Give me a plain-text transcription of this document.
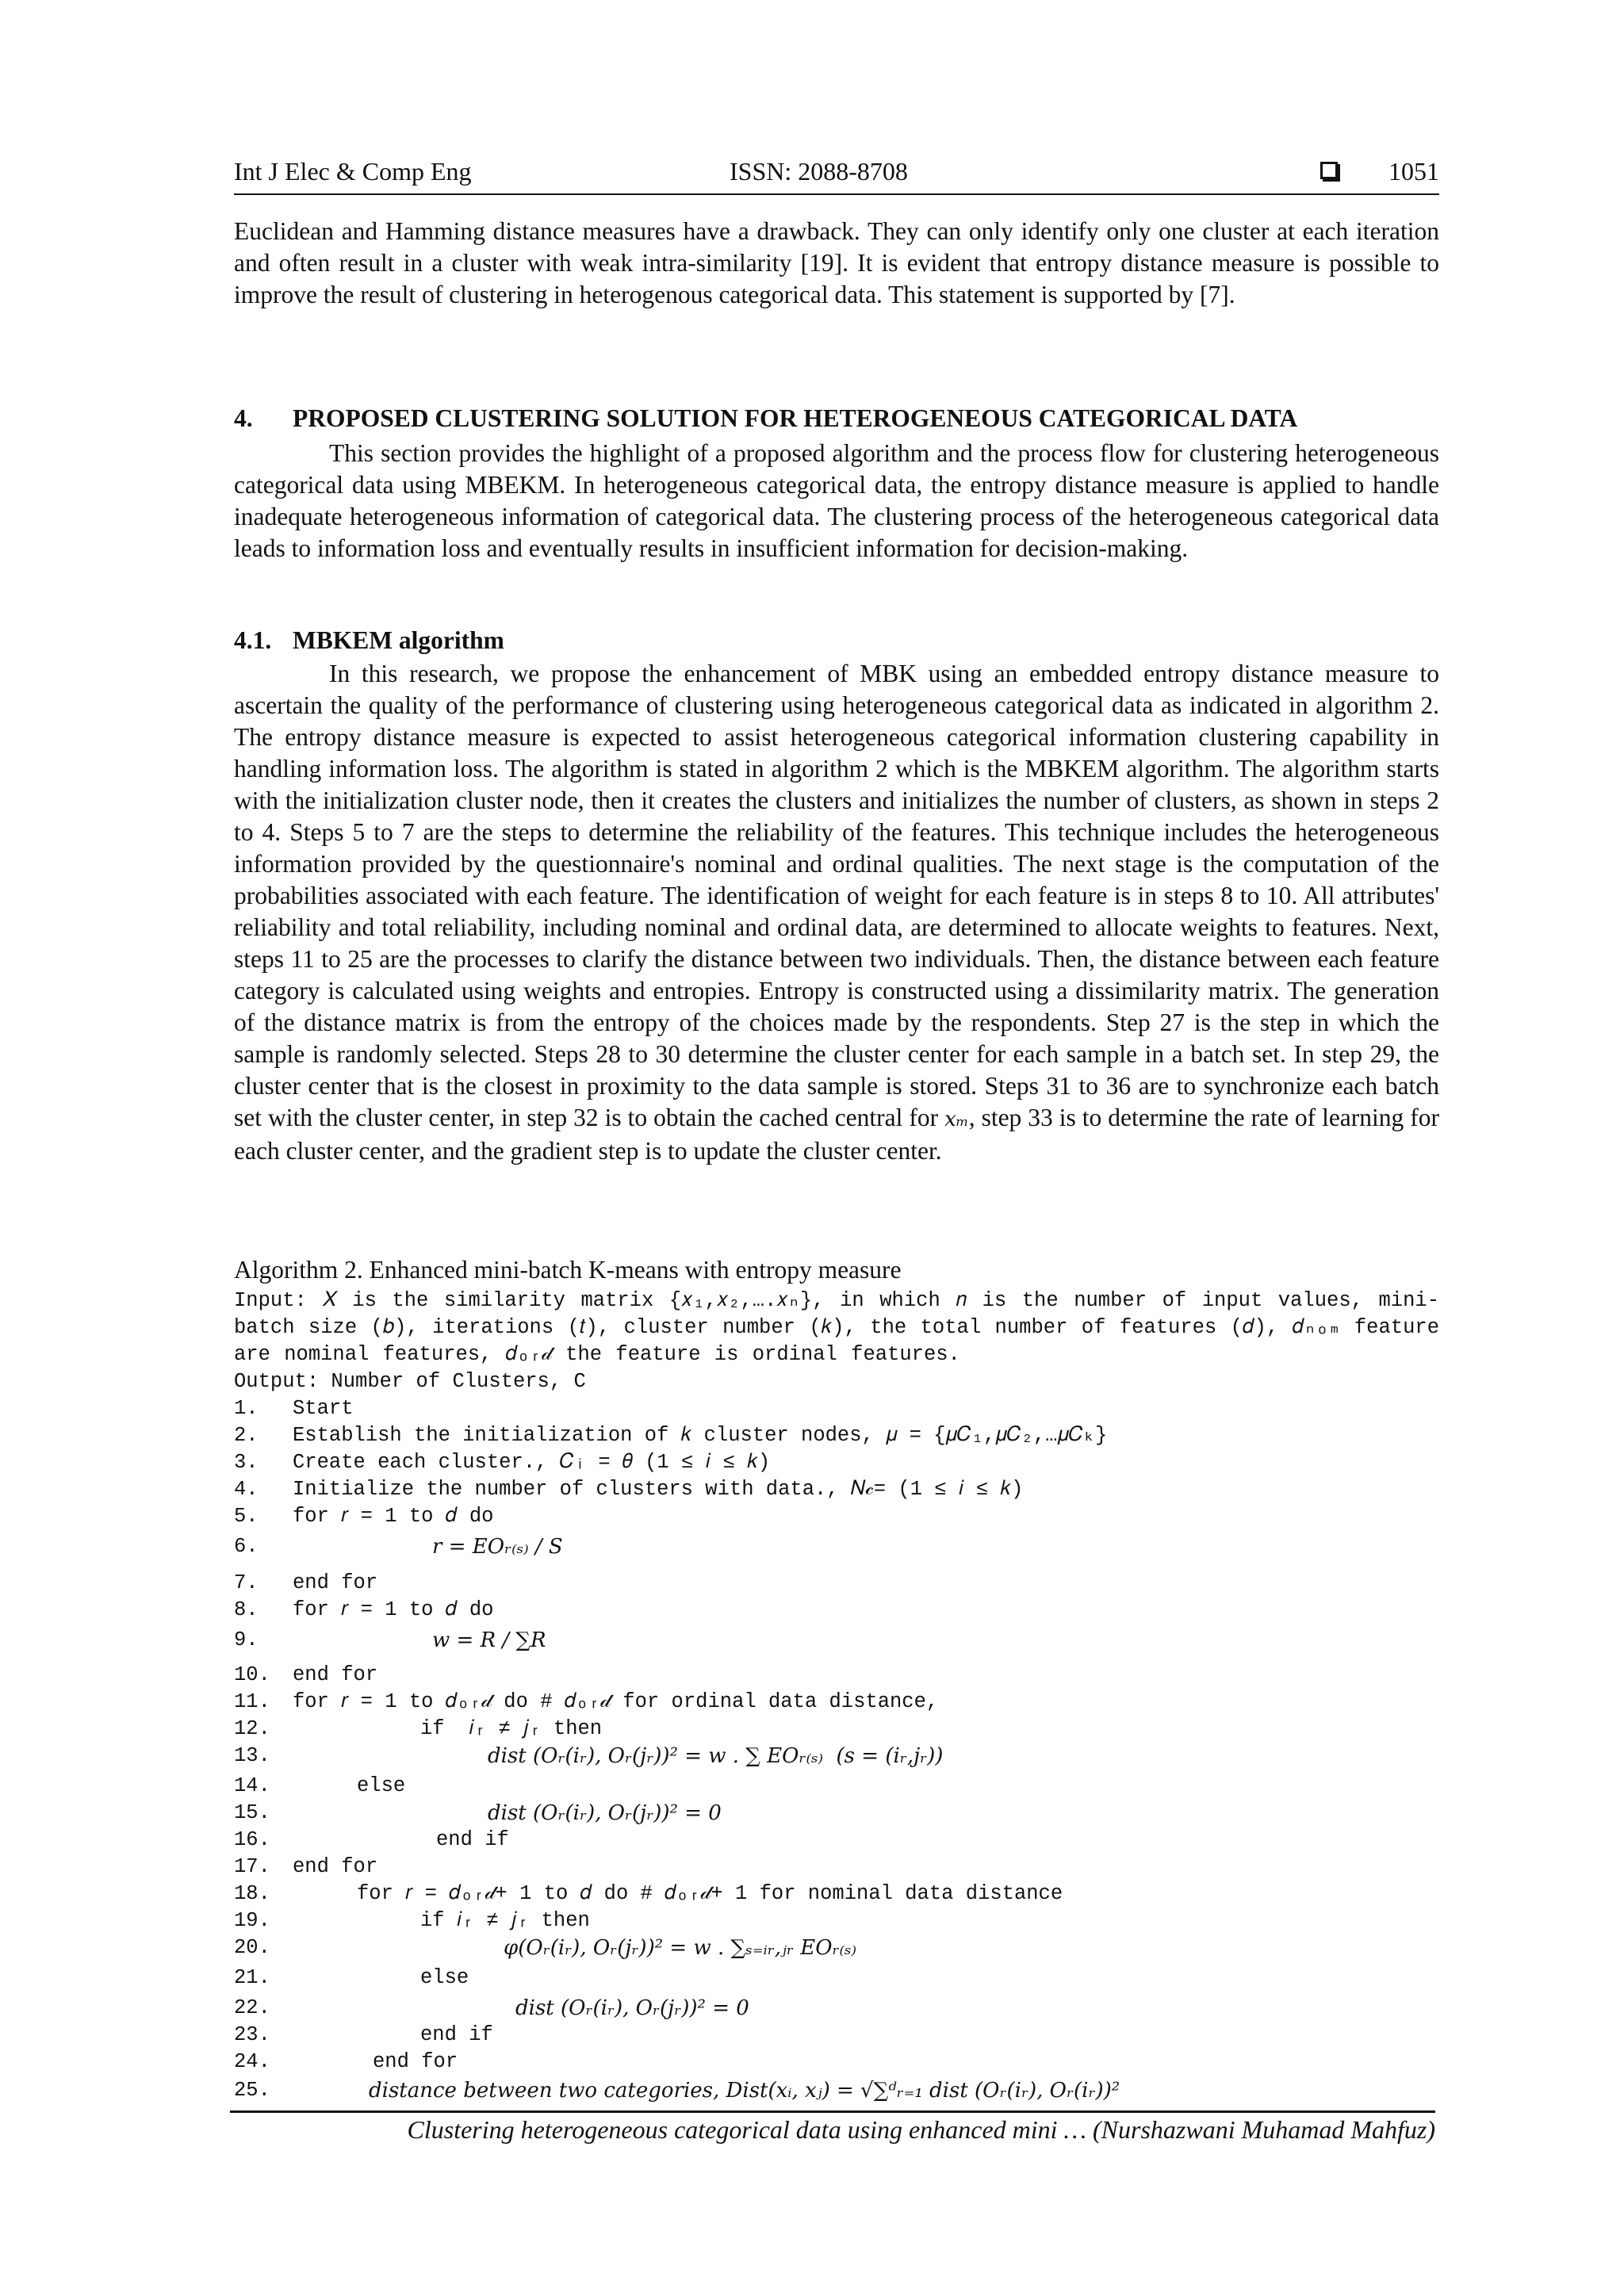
Int J Elec & Comp Eng	ISSN: 2088-8708	1051
Euclidean and Hamming distance measures have a drawback. They can only identify only one cluster at each iteration and often result in a cluster with weak intra-similarity [19]. It is evident that entropy distance measure is possible to improve the result of clustering in heterogenous categorical data. This statement is supported by [7].
4. PROPOSED CLUSTERING SOLUTION FOR HETEROGENEOUS CATEGORICAL DATA
This section provides the highlight of a proposed algorithm and the process flow for clustering heterogeneous categorical data using MBEKM. In heterogeneous categorical data, the entropy distance measure is applied to handle inadequate heterogeneous information of categorical data. The clustering process of the heterogeneous categorical data leads to information loss and eventually results in insufficient information for decision-making.
4.1. MBKEM algorithm
In this research, we propose the enhancement of MBK using an embedded entropy distance measure to ascertain the quality of the performance of clustering using heterogeneous categorical data as indicated in algorithm 2. The entropy distance measure is expected to assist heterogeneous categorical information clustering capability in handling information loss. The algorithm is stated in algorithm 2 which is the MBKEM algorithm. The algorithm starts with the initialization cluster node, then it creates the clusters and initializes the number of clusters, as shown in steps 2 to 4. Steps 5 to 7 are the steps to determine the reliability of the features. This technique includes the heterogeneous information provided by the questionnaire's nominal and ordinal qualities. The next stage is the computation of the probabilities associated with each feature. The identification of weight for each feature is in steps 8 to 10. All attributes' reliability and total reliability, including nominal and ordinal data, are determined to allocate weights to features. Next, steps 11 to 25 are the processes to clarify the distance between two individuals. Then, the distance between each feature category is calculated using weights and entropies. Entropy is constructed using a dissimilarity matrix. The generation of the distance matrix is from the entropy of the choices made by the respondents. Step 27 is the step in which the sample is randomly selected. Steps 28 to 30 determine the cluster center for each sample in a batch set. In step 29, the cluster center that is the closest in proximity to the data sample is stored. Steps 31 to 36 are to synchronize each batch set with the cluster center, in step 32 is to obtain the cached central for xₘ, step 33 is to determine the rate of learning for each cluster center, and the gradient step is to update the cluster center.
Algorithm 2. Enhanced mini-batch K-means with entropy measure
Input: 𝑋 is the similarity matrix {𝑥₁,𝑥₂,….𝑥ₙ}, in which 𝑛 is the number of input values, mini-batch size (𝑏), iterations (𝑡), cluster number (𝑘), the total number of features (𝑑), 𝑑ₙₒₘ feature are nominal features, 𝑑ₒᵣ𝒹 the feature is ordinal features.
Output: Number of Clusters, C
1. Start
2. Establish the initialization of 𝑘 cluster nodes, 𝜇 = {𝜇𝐶₁,𝜇𝐶₂,…𝜇𝐶ₖ}
3. Create each cluster., 𝐶ᵢ = 𝜃 (1 ≤ 𝑖 ≤ 𝑘)
4. Initialize the number of clusters with data., 𝑁𝒸= (1 ≤ 𝑖 ≤ 𝑘)
5. for 𝑟 = 1 to 𝑑 do
6.	𝑟 = 𝐸𝑂ᵣ₍ₛ₎ / 𝑆
7. end for
8. for 𝑟 = 1 to 𝑑 do
9.	𝑤 = 𝑅 / ∑𝑅
10. end for
11. for 𝑟 = 1 to 𝑑ₒᵣ𝒹 do # 𝑑ₒᵣ𝒹 for ordinal data distance,
12.	if  𝑖ᵣ ≠ 𝑗ᵣ then
13.	𝑑𝑖𝑠𝑡 (𝑂ᵣ(𝑖ᵣ), 𝑂ᵣ(𝑗ᵣ))² = 𝑤 . ∑ 𝐸𝑂ᵣ₍ₛ₎  (𝑠 = (𝑖ᵣ,𝑗ᵣ))
14.	else
15.	𝑑𝑖𝑠𝑡 (𝑂ᵣ(𝑖ᵣ), 𝑂ᵣ(𝑗ᵣ))² = 0
16.	end if
17. end for
18.	for 𝑟 = 𝑑ₒᵣ𝒹+ 1 to 𝑑 do # 𝑑ₒᵣ𝒹+ 1 for nominal data distance
19.	if 𝑖ᵣ ≠ 𝑗ᵣ then
20.	𝜑(𝑂ᵣ(𝑖ᵣ), 𝑂ᵣ(𝑗ᵣ))² = 𝑤 . ∑ₛ₌ᵢᵣ,ⱼᵣ 𝐸𝑂ᵣ₍ₛ₎
21.	else
22.	𝑑𝑖𝑠𝑡 (𝑂ᵣ(𝑖ᵣ), 𝑂ᵣ(𝑗ᵣ))² = 0
23.	end if
24.	end for
25.	distance between two categories, 𝐷𝑖𝑠𝑡(𝑥ᵢ, 𝑥ⱼ) = √∑ᵈᵣ₌₁ 𝑑𝑖𝑠𝑡 (𝑂ᵣ(𝑖ᵣ), 𝑂ᵣ(𝑖ᵣ))²
Clustering heterogeneous categorical data using enhanced mini … (Nurshazwani Muhamad Mahfuz)
